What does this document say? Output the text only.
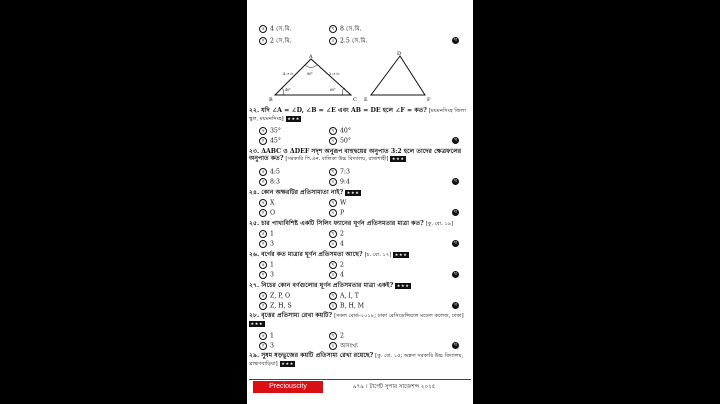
ক 4 সে.মি.	খ 8 সে.মি.
গ 2 সে.মি.	ঘ 2.5 সে.মি.	ঘ
A
B	C
80°
40°	60°
4 সে.মি.	3 সে.মি.
D
E	F
২২. যদি ∠A = ∠D, ∠B = ∠E এবং AB = DE হলে ∠F = কত? [ময়মনসিংহ জিলা স্কুল, ময়মনসিংহ] ★★★
ক 35°	খ 40°
গ 45°	ঘ 50°	খ
২৩. ΔABC ও ΔDEF সদৃশ অনুরূপ বাহুদ্বয়ের অনুপাত 3:2 হলে তাদের ক্ষেত্রফলের অনুপাত কত? [সরকারি পি.এন. বালিকা উচ্চ বিদ্যালয়, রাজশাহী] ★★★
ক 4:5	খ 7:3
গ 8:3	ঘ 9:4	ঘ
২৪. কোন অক্ষরটির প্রতিসাম্যতা নাই? ★★★
ক X	খ W
গ O	ঘ P	ঘ
২৫. চার পাখাবিশিষ্ট একটি সিলিং ফ্যানের ঘূর্ণন প্রতিসমতার মাত্রা কত? [কু. বো. ১৯]
ক 1	খ 2
গ 3	ঘ 4	ঘ
২৬. বর্গের কত মাত্রার ঘূর্ণন প্রতিসমতা আছে? [চ. বো. ১৭] ★★★
ক 1	খ 2
গ 3	ঘ 4	ঘ
২৭. নিচের কোন বর্ণগুলোর ঘূর্ণন প্রতিসমতার মাত্রা একই? ★★★
ক Z, P, O	খ A, I, T
গ Z, H, S	ঘ B, H, M	গ
২৮. বৃত্তের প্রতিসাম্য রেখা কয়টি? [সকল বোর্ড-২০১৮; ঢাকা রেসিডেন্সিয়াল মডেল কলেজ, ঢাকা] ★★★
ক 1	খ 2
গ 3	ঘ অসংখ্য	ঘ
২৯. সুষম ষড়ভুজের কয়টি প্রতিসাম্য রেখা রয়েছে? [কু. বো. ১৫; অন্নদা সরকারি উচ্চ বিদ্যালয়, ব্রাহ্মণবাড়িয়া] ★★★
Preciouscity	৯৭৯ । টার্গেট সুপার সাজেশন্স ২০২৫
